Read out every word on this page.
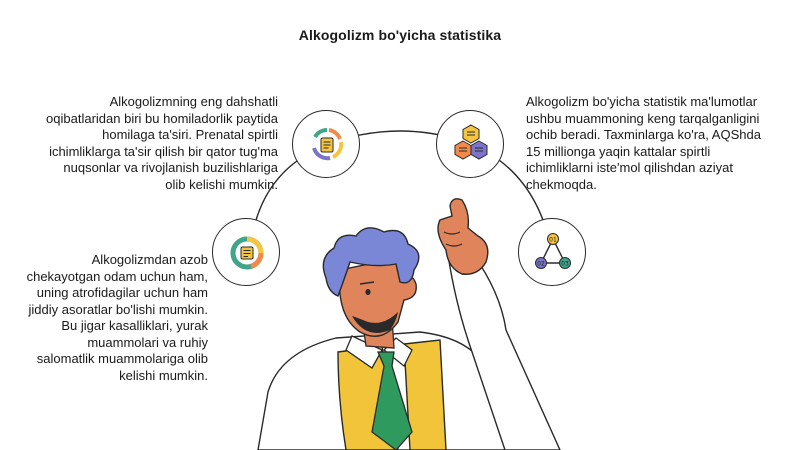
Alkogolizm bo'yicha statistika
Alkogolizmning eng dahshatli oqibatlaridan biri bu homiladorlik paytida homilaga ta'siri. Prenatal spirtli ichimliklarga ta'sir qilish bir qator tug'ma nuqsonlar va rivojlanish buzilishlariga olib kelishi mumkin.
Alkogolizm bo'yicha statistik ma'lumotlar ushbu muammoning keng tarqalganligini ochib beradi. Taxminlarga ko'ra, AQShda 15 millionga yaqin kattalar spirtli ichimliklarni iste'mol qilishdan aziyat chekmoqda.
Alkogolizmdan azob chekayotgan odam uchun ham, uning atrofidagilar uchun ham jiddiy asoratlar bo'lishi mumkin. Bu jigar kasalliklari, yurak muammolari va ruhiy salomatlik muammolariga olib kelishi mumkin.
01
02	03
